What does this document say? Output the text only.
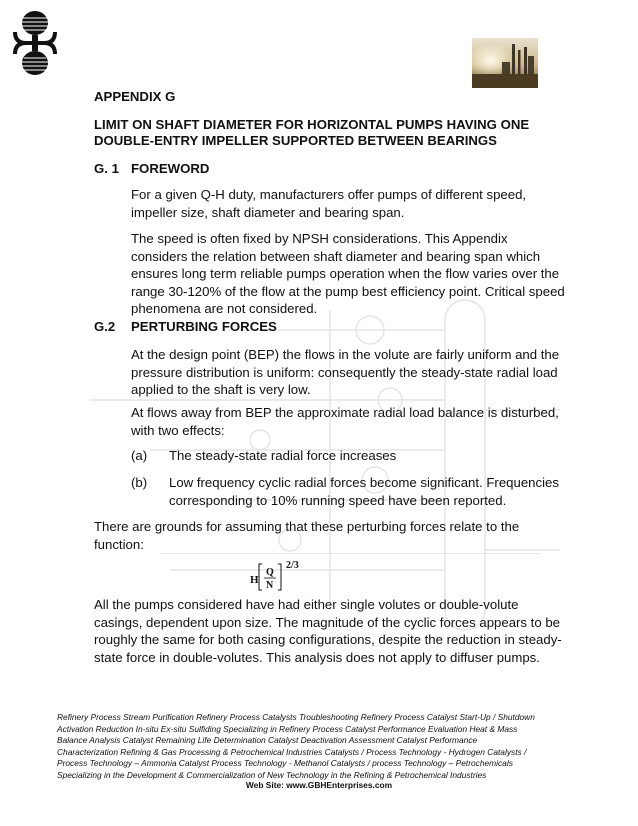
APPENDIX G
LIMIT ON SHAFT DIAMETER FOR HORIZONTAL PUMPS HAVING ONE
DOUBLE-ENTRY IMPELLER SUPPORTED BETWEEN BEARINGS
G. 1 FOREWORD
For a given Q-H duty, manufacturers offer pumps of different speed,
impeller size, shaft diameter and bearing span.
The speed is often fixed by NPSH considerations. This Appendix
considers the relation between shaft diameter and bearing span which
ensures long term reliable pumps operation when the flow varies over the
range 30-120% of the flow at the pump best efficiency point. Critical speed
phenomena are not considered.
G.2 PERTURBING FORCES
At the design point (BEP) the flows in the volute are fairly uniform and the
pressure distribution is uniform: consequently the steady-state radial load
applied to the shaft is very low.
At flows away from BEP the approximate radial load balance is disturbed,
with two effects:
(a) The steady-state radial force increases
(b) Low frequency cyclic radial forces become significant. Frequencies
corresponding to 10% running speed have been reported.
There are grounds for assuming that these perturbing forces relate to the
function:
H
Q
N
2/3
All the pumps considered have had either single volutes or double-volute
casings, dependent upon size. The magnitude of the cyclic forces appears to be
roughly the same for both casing configurations, despite the reduction in steady-
state force in double-volutes. This analysis does not apply to diffuser pumps.

Refinery Process Stream Purification Refinery Process Catalysts Troubleshooting Refinery Process Catalyst Start-Up / Shutdown

Activation Reduction In-situ Ex-situ Sulfiding Specializing in Refinery Process Catalyst Performance Evaluation Heat & Mass

Balance Analysis Catalyst Remaining Life Determination Catalyst Deactivation Assessment Catalyst Performance

Characterization Refining & Gas Processing & Petrochemical Industries Catalysts / Process Technology - Hydrogen Catalysts /

Process Technology – Ammonia Catalyst Process Technology - Methanol Catalysts / process Technology – Petrochemicals

Specializing in the Development & Commercialization of New Technology in the Refining & Petrochemical Industries

Web Site: www.GBHEnterprises.com
